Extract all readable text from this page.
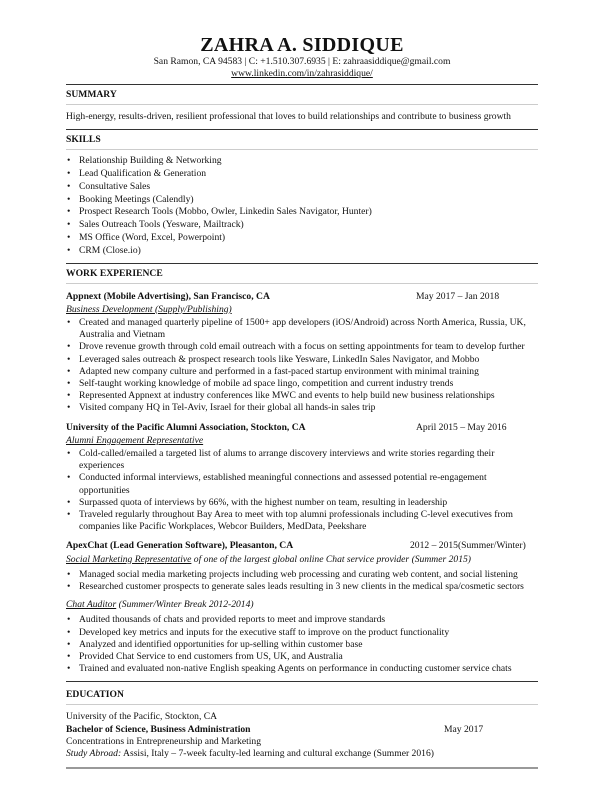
ZAHRA A. SIDDIQUE
San Ramon, CA 94583 | C: +1.510.307.6935 | E: zahraasiddique@gmail.com
www.linkedin.com/in/zahrasiddique/
SUMMARY
High-energy, results-driven, resilient professional that loves to build relationships and contribute to business growth
SKILLS
• Relationship Building & Networking
• Lead Qualification & Generation
• Consultative Sales
• Booking Meetings (Calendly)
• Prospect Research Tools (Mobbo, Owler, Linkedin Sales Navigator, Hunter)
• Sales Outreach Tools (Yesware, Mailtrack)
• MS Office (Word, Excel, Powerpoint)
• CRM (Close.io)
WORK EXPERIENCE
Appnext (Mobile Advertising), San Francisco, CA	May 2017 – Jan 2018
Business Development (Supply/Publishing)
• Created and managed quarterly pipeline of 1500+ app developers (iOS/Android) across North America, Russia, UK, Australia and Vietnam
• Drove revenue growth through cold email outreach with a focus on setting appointments for team to develop further
• Leveraged sales outreach & prospect research tools like Yesware, LinkedIn Sales Navigator, and Mobbo
• Adapted new company culture and performed in a fast-paced startup environment with minimal training
• Self-taught working knowledge of mobile ad space lingo, competition and current industry trends
• Represented Appnext at industry conferences like MWC and events to help build new business relationships
• Visited company HQ in Tel-Aviv, Israel for their global all hands-in sales trip
University of the Pacific Alumni Association, Stockton, CA	April 2015 – May 2016
Alumni Engagement Representative
• Cold-called/emailed a targeted list of alums to arrange discovery interviews and write stories regarding their experiences
• Conducted informal interviews, established meaningful connections and assessed potential re-engagement opportunities
• Surpassed quota of interviews by 66%, with the highest number on team, resulting in leadership
• Traveled regularly throughout Bay Area to meet with top alumni professionals including C-level executives from companies like Pacific Workplaces, Webcor Builders, MedData, Peekshare
ApexChat (Lead Generation Software), Pleasanton, CA	2012 – 2015(Summer/Winter)
Social Marketing Representative of one of the largest global online Chat service provider (Summer 2015)
• Managed social media marketing projects including web processing and curating web content, and social listening
• Researched customer prospects to generate sales leads resulting in 3 new clients in the medical spa/cosmetic sectors
Chat Auditor (Summer/Winter Break 2012-2014)
• Audited thousands of chats and provided reports to meet and improve standards
• Developed key metrics and inputs for the executive staff to improve on the product functionality
• Analyzed and identified opportunities for up-selling within customer base
• Provided Chat Service to end customers from US, UK, and Australia
• Trained and evaluated non-native English speaking Agents on performance in conducting customer service chats
EDUCATION
University of the Pacific, Stockton, CA
Bachelor of Science, Business Administration	May 2017
Concentrations in Entrepreneurship and Marketing
Study Abroad: Assisi, Italy – 7-week faculty-led learning and cultural exchange (Summer 2016)
